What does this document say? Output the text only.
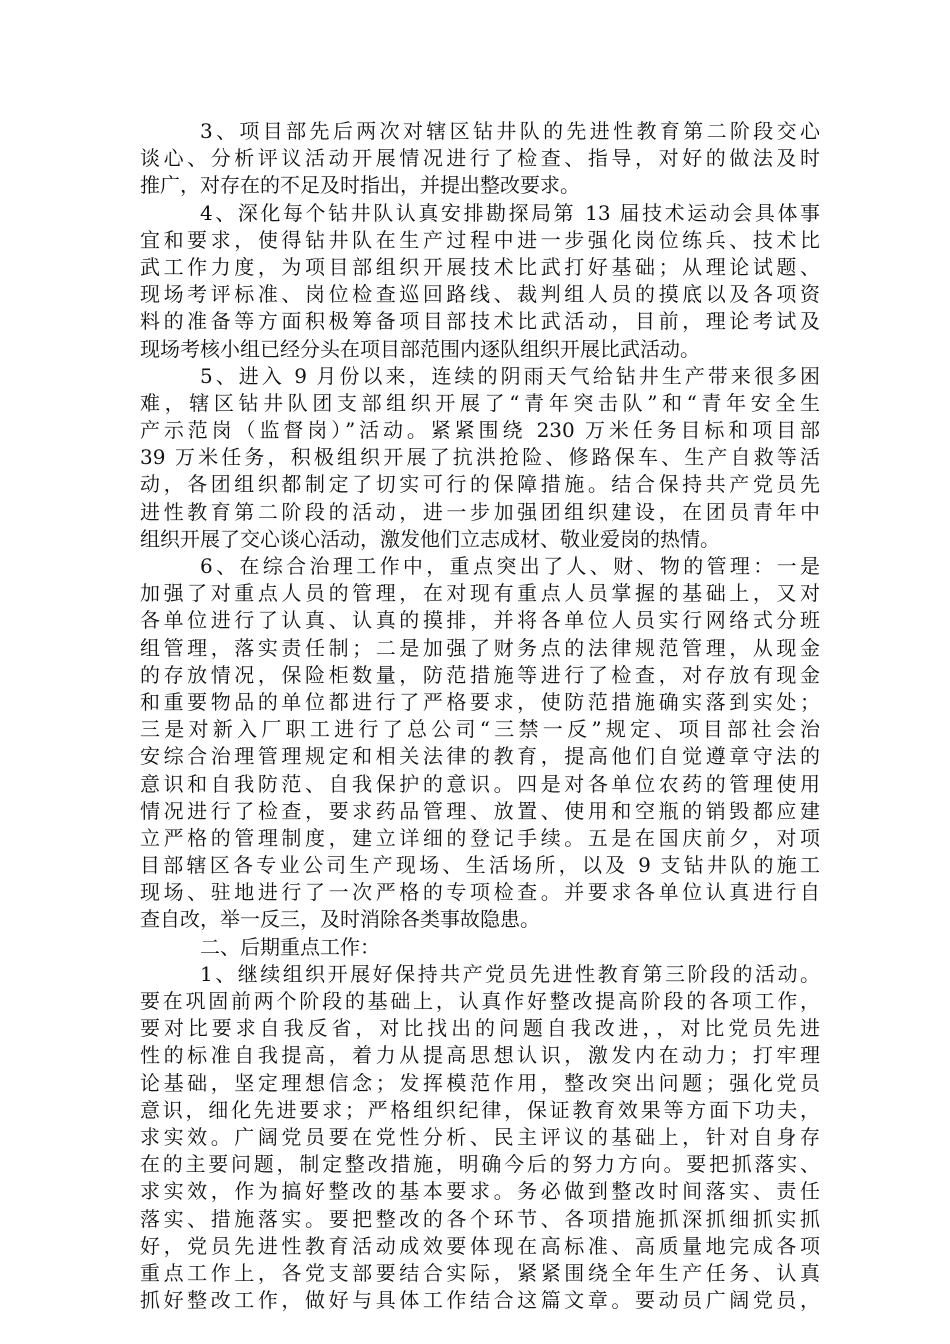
3、项目部先后两次对辖区钻井队的先进性教育第二阶段交心
谈心、分析评议活动开展情况进行了检查、指导，对好的做法及时
推广，对存在的不足及时指出，并提出整改要求。
4、深化每个钻井队认真安排勘探局第 13 届技术运动会具体事
宜和要求，使得钻井队在生产过程中进一步强化岗位练兵、技术比
武工作力度，为项目部组织开展技术比武打好基础；从理论试题、
现场考评标准、岗位检查巡回路线、裁判组人员的摸底以及各项资
料的准备等方面积极筹备项目部技术比武活动，目前，理论考试及
现场考核小组已经分头在项目部范围内逐队组织开展比武活动。
5、进入 9 月份以来，连续的阴雨天气给钻井生产带来很多困
难，辖区钻井队团支部组织开展了“青年突击队”和“青年安全生
产示范岗（监督岗）”活动。紧紧围绕 230 万米任务目标和项目部
39 万米任务，积极组织开展了抗洪抢险、修路保车、生产自救等活
动，各团组织都制定了切实可行的保障措施。结合保持共产党员先
进性教育第二阶段的活动，进一步加强团组织建设，在团员青年中
组织开展了交心谈心活动，激发他们立志成材、敬业爱岗的热情。
6、在综合治理工作中，重点突出了人、财、物的管理：一是
加强了对重点人员的管理，在对现有重点人员掌握的基础上，又对
各单位进行了认真、认真的摸排，并将各单位人员实行网络式分班
组管理，落实责任制；二是加强了财务点的法律规范管理，从现金
的存放情况，保险柜数量，防范措施等进行了检查，对存放有现金
和重要物品的单位都进行了严格要求，使防范措施确实落到实处；
三是对新入厂职工进行了总公司“三禁一反”规定、项目部社会治
安综合治理管理规定和相关法律的教育，提高他们自觉遵章守法的
意识和自我防范、自我保护的意识。四是对各单位农药的管理使用
情况进行了检查，要求药品管理、放置、使用和空瓶的销毁都应建
立严格的管理制度，建立详细的登记手续。五是在国庆前夕，对项
目部辖区各专业公司生产现场、生活场所，以及 9 支钻井队的施工
现场、驻地进行了一次严格的专项检查。并要求各单位认真进行自
查自改，举一反三，及时消除各类事故隐患。
二、后期重点工作：
1、继续组织开展好保持共产党员先进性教育第三阶段的活动。
要在巩固前两个阶段的基础上，认真作好整改提高阶段的各项工作，
要对比要求自我反省，对比找出的问题自我改进，，对比党员先进
性的标准自我提高，着力从提高思想认识，激发内在动力；打牢理
论基础，坚定理想信念；发挥模范作用，整改突出问题；强化党员
意识，细化先进要求；严格组织纪律，保证教育效果等方面下功夫，
求实效。广阔党员要在党性分析、民主评议的基础上，针对自身存
在的主要问题，制定整改措施，明确今后的努力方向。要把抓落实、
求实效，作为搞好整改的基本要求。务必做到整改时间落实、责任
落实、措施落实。要把整改的各个环节、各项措施抓深抓细抓实抓
好，党员先进性教育活动成效要体现在高标准、高质量地完成各项
重点工作上，各党支部要结合实际，紧紧围绕全年生产任务、认真
抓好整改工作，做好与具体工作结合这篇文章。要动员广阔党员，
